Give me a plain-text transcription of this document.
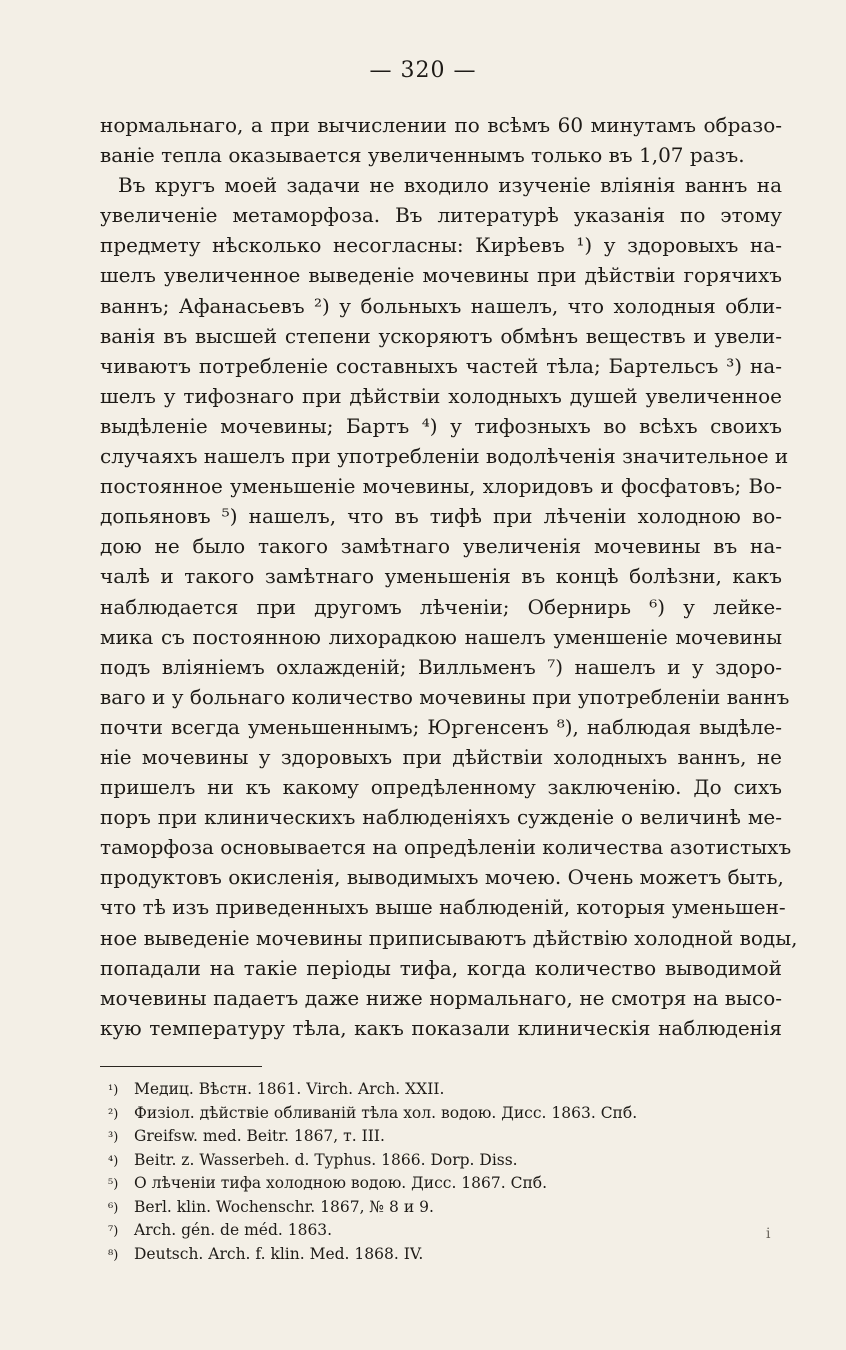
— 320 —
нормальнаго, а при вычислении по всѣмъ 60 минутамъ образо-
ваніе тепла оказывается увеличеннымъ только въ 1,07 разъ.
Въ кругъ моей задачи не входило изученіе вліянія ваннъ на
увеличеніе метаморфоза. Въ литературѣ указанія по этому
предмету нѣсколько несогласны: Кирѣевъ ¹) у здоровыхъ на-
шелъ увеличенное выведеніе мочевины при дѣйствіи горячихъ
ваннъ; Афанасьевъ ²) у больныхъ нашелъ, что холодныя обли-
ванія въ высшей степени ускоряютъ обмѣнъ веществъ и увели-
чиваютъ потребленіе составныхъ частей тѣла; Бартельсъ ³) на-
шелъ у тифознаго при дѣйствіи холодныхъ душей увеличенное
выдѣленіе мочевины; Бартъ ⁴) у тифозныхъ во всѣхъ своихъ
случаяхъ нашелъ при употребленіи водолѣченія значительное и
постоянное уменьшеніе мочевины, хлоридовъ и фосфатовъ; Во-
допьяновъ ⁵) нашелъ, что въ тифѣ при лѣченіи холодною во-
дою не было такого замѣтнаго увеличенія мочевины въ на-
чалѣ и такого замѣтнаго уменьшенія въ концѣ болѣзни, какъ
наблюдается при другомъ лѣченіи; Обернирь ⁶) у лейке-
мика съ постоянною лихорадкою нашелъ уменшеніе мочевины
подъ вліяніемъ охлажденій; Вилльменъ ⁷) нашелъ и у здоро-
ваго и у больнаго количество мочевины при употребленіи ваннъ
почти всегда уменьшеннымъ; Юргенсенъ ⁸), наблюдая выдѣле-
ніе мочевины у здоровыхъ при дѣйствіи холодныхъ ваннъ, не
пришелъ ни къ какому опредѣленному заключенію. До сихъ
поръ при клиническихъ наблюденіяхъ сужденіе о величинѣ ме-
таморфоза основывается на опредѣленіи количества азотистыхъ
продуктовъ окисленія, выводимыхъ мочею. Очень можетъ быть,
что тѣ изъ приведенныхъ выше наблюденій, которыя уменьшен-
ное выведеніе мочевины приписываютъ дѣйствію холодной воды,
попадали на такіе періоды тифа, когда количество выводимой
мочевины падаетъ даже ниже нормальнаго, не смотря на высо-
кую температуру тѣла, какъ показали клиническія наблюденія
¹) Медиц. Вѣстн. 1861. Virch. Arch. XXII.
²) Физіол. дѣйствіе обливаній тѣла хол. водою. Дисс. 1863. Спб.
³) Greifsw. med. Beitr. 1867, т. III.
⁴) Beitr. z. Wasserbeh. d. Typhus. 1866. Dorp. Diss.
⁵) О лѣченіи тифа холодною водою. Дисс. 1867. Спб.
⁶) Berl. klin. Wochenschr. 1867, № 8 и 9.
⁷) Arch. gén. de méd. 1863.
⁸) Deutsch. Arch. f. klin. Med. 1868. IV.
ⅰ
